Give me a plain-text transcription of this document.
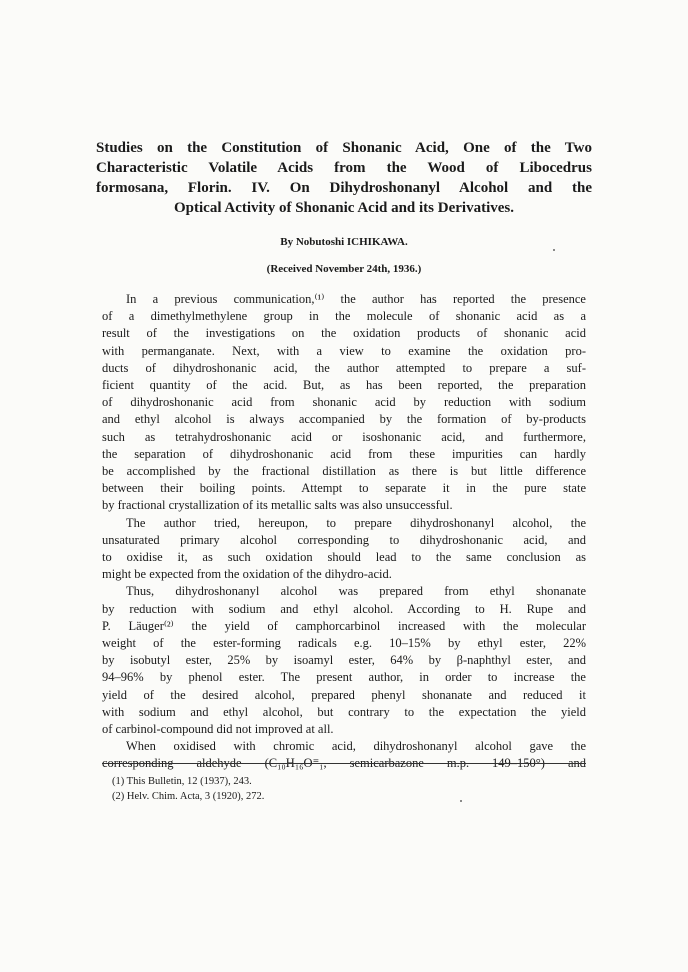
Studies on the Constitution of Shonanic Acid, One of the Two
Characteristic Volatile Acids from the Wood of Libocedrus
formosana, Florin. IV. On Dihydroshonanyl Alcohol and the
Optical Activity of Shonanic Acid and its Derivatives.
By Nobutoshi ICHIKAWA.
(Received November 24th, 1936.)
In a previous communication,⁽¹⁾ the author has reported the presence
of a dimethylmethylene group in the molecule of shonanic acid as a
result of the investigations on the oxidation products of shonanic acid
with permanganate. Next, with a view to examine the oxidation pro-
ducts of dihydroshonanic acid, the author attempted to prepare a suf-
ficient quantity of the acid. But, as has been reported, the preparation
of dihydroshonanic acid from shonanic acid by reduction with sodium
and ethyl alcohol is always accompanied by the formation of by-products
such as tetrahydroshonanic acid or isoshonanic acid, and furthermore,
the separation of dihydroshonanic acid from these impurities can hardly
be accomplished by the fractional distillation as there is but little difference
between their boiling points. Attempt to separate it in the pure state
by fractional crystallization of its metallic salts was also unsuccessful.
The author tried, hereupon, to prepare dihydroshonanyl alcohol, the
unsaturated primary alcohol corresponding to dihydroshonanic acid, and
to oxidise it, as such oxidation should lead to the same conclusion as
might be expected from the oxidation of the dihydro-acid.
Thus, dihydroshonanyl alcohol was prepared from ethyl shonanate
by reduction with sodium and ethyl alcohol. According to H. Rupe and
P. Läuger⁽²⁾ the yield of camphorcarbinol increased with the molecular
weight of the ester-forming radicals e.g. 10–15% by ethyl ester, 22%
by isobutyl ester, 25% by isoamyl ester, 64% by β-naphthyl ester, and
94–96% by phenol ester. The present author, in order to increase the
yield of the desired alcohol, prepared phenyl shonanate and reduced it
with sodium and ethyl alcohol, but contrary to the expectation the yield
of carbinol-compound did not improved at all.
When oxidised with chromic acid, dihydroshonanyl alcohol gave the
corresponding aldehyde (C₁₀H₁₆O⁼₁, semicarbazone m.p. 149–150°) and
(1) This Bulletin, 12 (1937), 243.
(2) Helv. Chim. Acta, 3 (1920), 272.
